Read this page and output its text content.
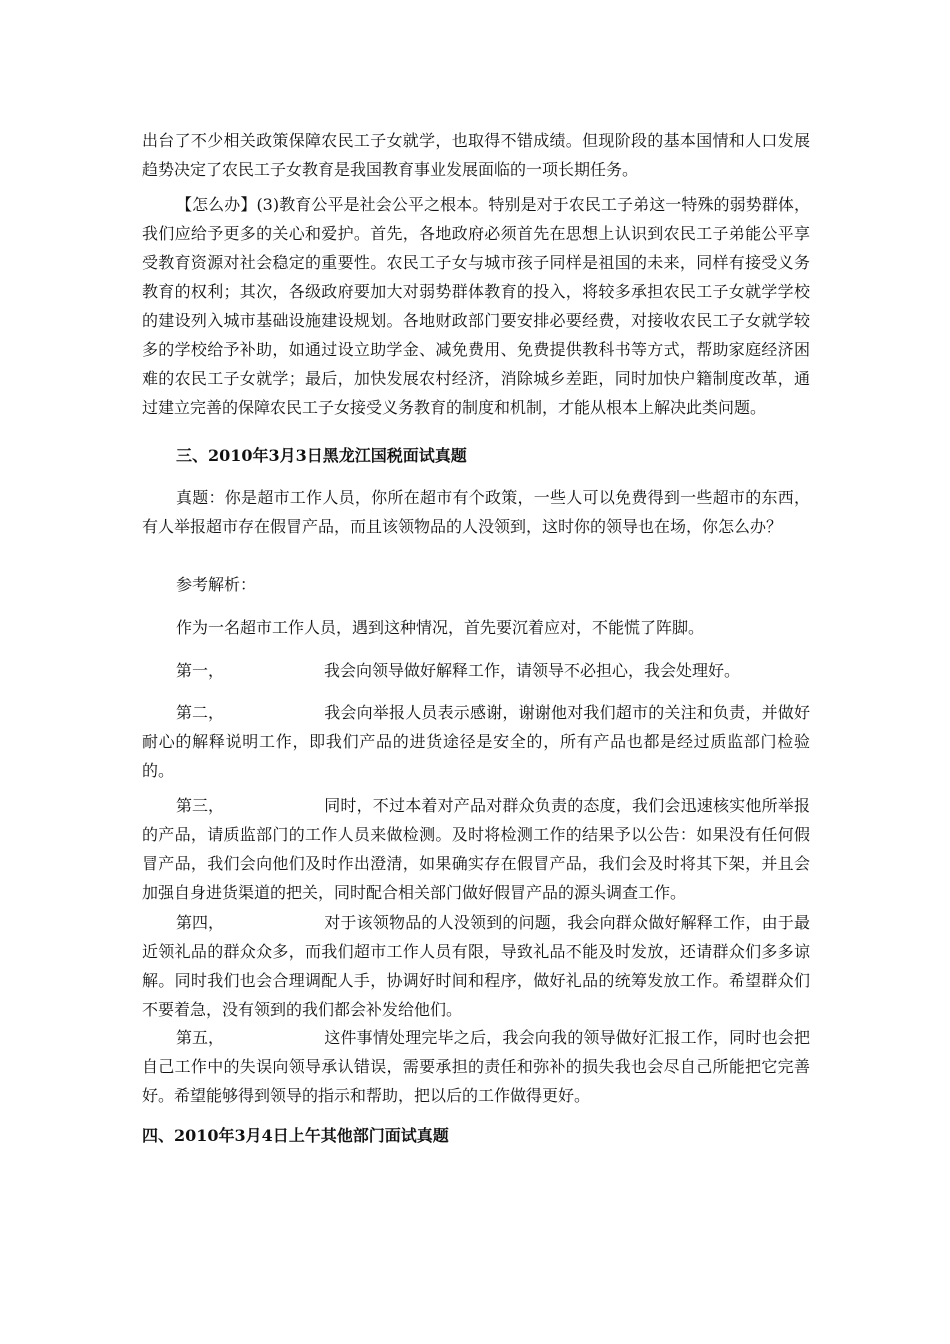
出台了不少相关政策保障农民工子女就学，也取得不错成绩。但现阶段的基本国情和人口发展趋势决定了农民工子女教育是我国教育事业发展面临的一项长期任务。

【怎么办】(3)教育公平是社会公平之根本。特别是对于农民工子弟这一特殊的弱势群体，我们应给予更多的关心和爱护。首先，各地政府必须首先在思想上认识到农民工子弟能公平享受教育资源对社会稳定的重要性。农民工子女与城市孩子同样是祖国的未来，同样有接受义务教育的权利；其次，各级政府要加大对弱势群体教育的投入，将较多承担农民工子女就学学校的建设列入城市基础设施建设规划。各地财政部门要安排必要经费，对接收农民工子女就学较多的学校给予补助，如通过设立助学金、减免费用、免费提供教科书等方式，帮助家庭经济困难的农民工子女就学；最后，加快发展农村经济，消除城乡差距，同时加快户籍制度改革，通过建立完善的保障农民工子女接受义务教育的制度和机制，才能从根本上解决此类问题。

三、2010年3月3日黑龙江国税面试真题

真题：你是超市工作人员，你所在超市有个政策，一些人可以免费得到一些超市的东西，有人举报超市存在假冒产品，而且该领物品的人没领到，这时你的领导也在场，你怎么办？

参考解析：

作为一名超市工作人员，遇到这种情况，首先要沉着应对，不能慌了阵脚。

第一，	我会向领导做好解释工作，请领导不必担心，我会处理好。

第二，	我会向举报人员表示感谢，谢谢他对我们超市的关注和负责，并做好耐心的解释说明工作，即我们产品的进货途径是安全的，所有产品也都是经过质监部门检验的。

第三，	同时，不过本着对产品对群众负责的态度，我们会迅速核实他所举报的产品，请质监部门的工作人员来做检测。及时将检测工作的结果予以公告：如果没有任何假冒产品，我们会向他们及时作出澄清，如果确实存在假冒产品，我们会及时将其下架，并且会加强自身进货渠道的把关，同时配合相关部门做好假冒产品的源头调查工作。

第四，	对于该领物品的人没领到的问题，我会向群众做好解释工作，由于最近领礼品的群众众多，而我们超市工作人员有限，导致礼品不能及时发放，还请群众们多多谅解。同时我们也会合理调配人手，协调好时间和程序，做好礼品的统筹发放工作。希望群众们不要着急，没有领到的我们都会补发给他们。

第五，	这件事情处理完毕之后，我会向我的领导做好汇报工作，同时也会把自己工作中的失误向领导承认错误，需要承担的责任和弥补的损失我也会尽自己所能把它完善好。希望能够得到领导的指示和帮助，把以后的工作做得更好。

四、2010年3月4日上午其他部门面试真题
